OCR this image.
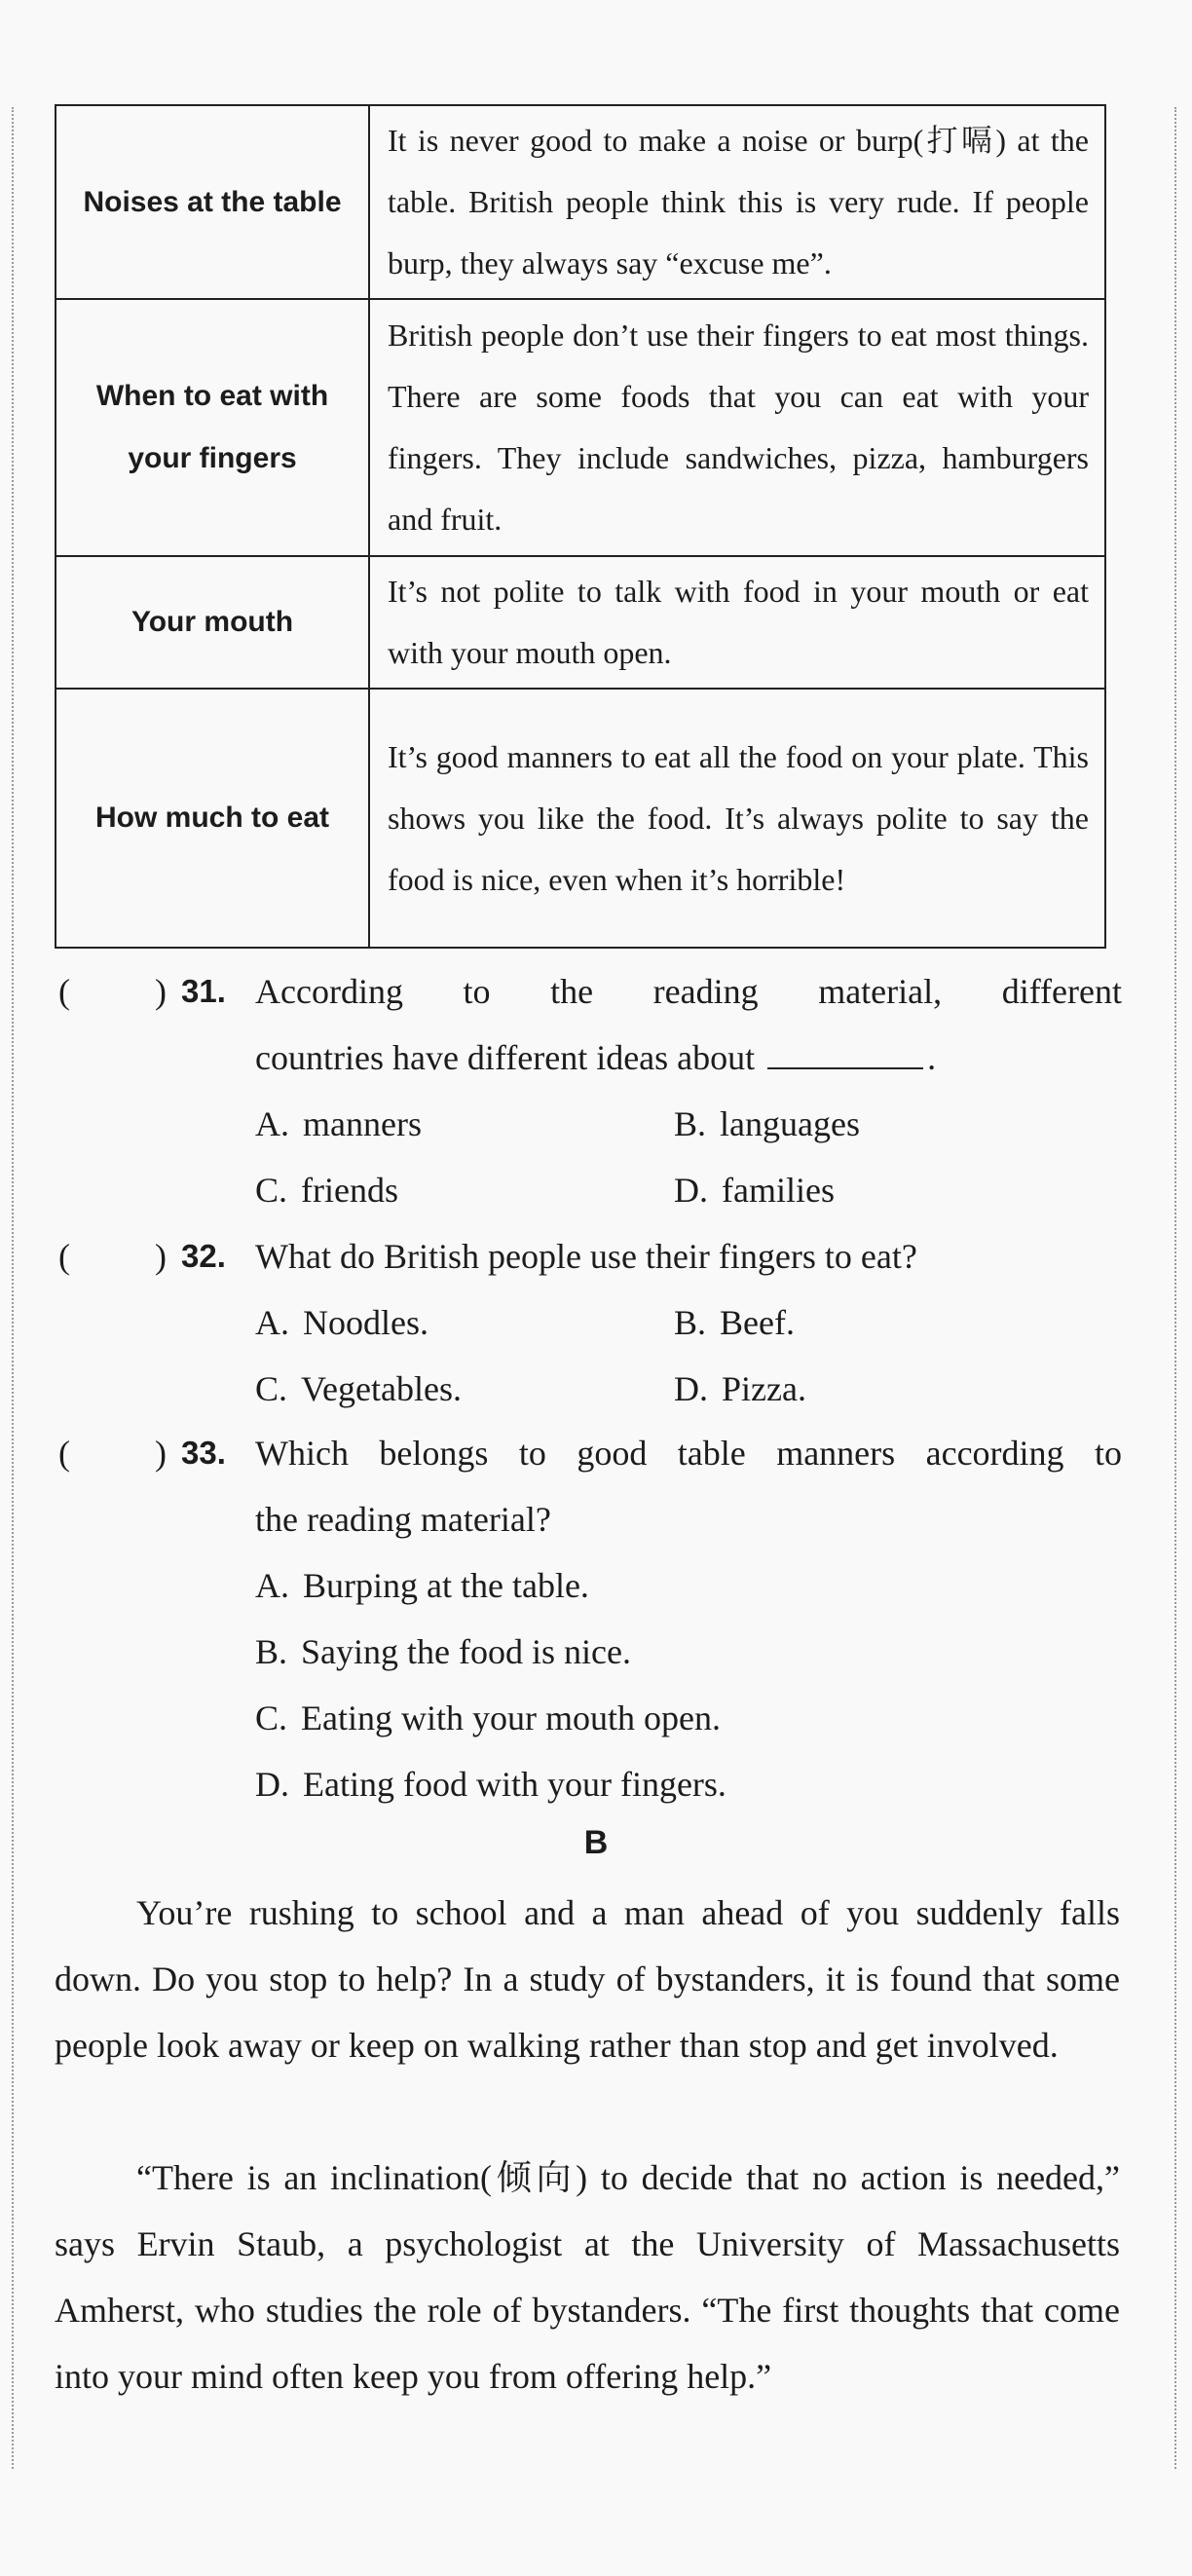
Noises at the table	It is never good to make a noise or burp(打嗝) at the table. British people think this is very rude. If people burp, they always say “excuse me”.
When to eat with your fingers	British people don’t use their fingers to eat most things. There are some foods that you can eat with your fingers. They include sandwiches, pizza, hamburgers and fruit.
Your mouth	It’s not polite to talk with food in your mouth or eat with your mouth open.
How much to eat	It’s good manners to eat all the food on your plate. This shows you like the food. It’s always polite to say the food is nice, even when it’s horrible!
( ) 31. According to the reading material, different
countries have different ideas about	.
A. manners	B. languages
C. friends	D. families
( ) 32. What do British people use their fingers to eat?
A. Noodles.	B. Beef.
C. Vegetables.	D. Pizza.
( ) 33. Which belongs to good table manners according to
the reading material?
A. Burping at the table.
B. Saying the food is nice.
C. Eating with your mouth open.
D. Eating food with your fingers.
B
You’re rushing to school and a man ahead of you suddenly falls down. Do you stop to help? In a study of bystanders, it is found that some people look away or keep on walking rather than stop and get involved.
“There is an inclination(倾向) to decide that no action is needed,” says Ervin Staub, a psychologist at the University of Massachusetts Amherst, who studies the role of bystanders. “The first thoughts that come into your mind often keep you from offering help.”
